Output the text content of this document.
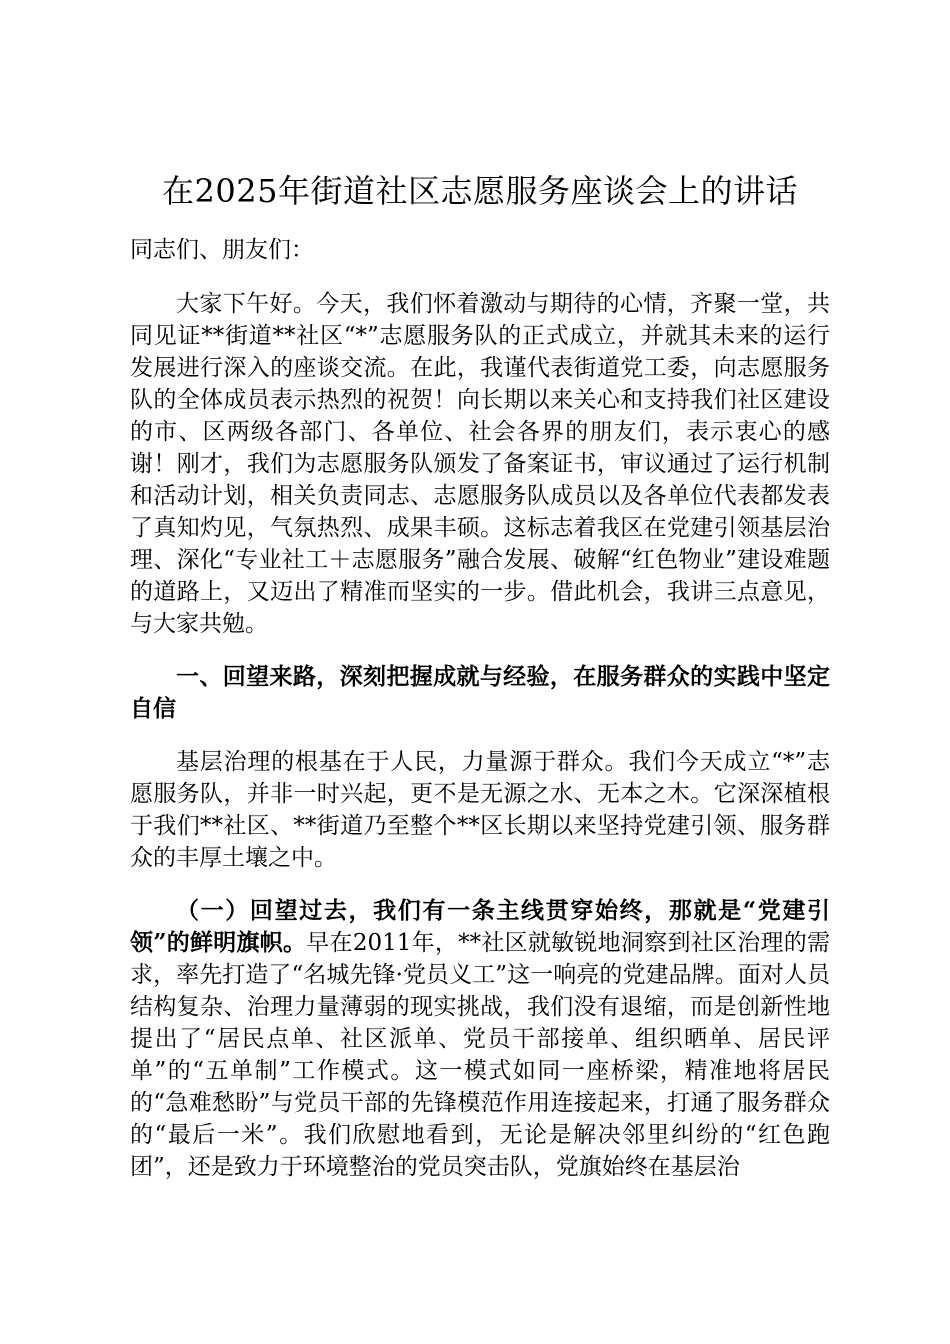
在2025年街道社区志愿服务座谈会上的讲话

同志们、朋友们：

大家下午好。今天，我们怀着激动与期待的心情，齐聚一堂，共同见证**街道**社区“*”志愿服务队的正式成立，并就其未来的运行发展进行深入的座谈交流。在此，我谨代表街道党工委，向志愿服务队的全体成员表示热烈的祝贺！向长期以来关心和支持我们社区建设的市、区两级各部门、各单位、社会各界的朋友们，表示衷心的感谢！刚才，我们为志愿服务队颁发了备案证书，审议通过了运行机制和活动计划，相关负责同志、志愿服务队成员以及各单位代表都发表了真知灼见，气氛热烈、成果丰硕。这标志着我区在党建引领基层治理、深化“专业社工＋志愿服务”融合发展、破解“红色物业”建设难题的道路上，又迈出了精准而坚实的一步。借此机会，我讲三点意见，与大家共勉。

一、回望来路，深刻把握成就与经验，在服务群众的实践中坚定自信

基层治理的根基在于人民，力量源于群众。我们今天成立“*”志愿服务队，并非一时兴起，更不是无源之水、无本之木。它深深植根于我们**社区、**街道乃至整个**区长期以来坚持党建引领、服务群众的丰厚土壤之中。

（一）回望过去，我们有一条主线贯穿始终，那就是“党建引领”的鲜明旗帜。早在2011年，**社区就敏锐地洞察到社区治理的需求，率先打造了“名城先锋·党员义工”这一响亮的党建品牌。面对人员结构复杂、治理力量薄弱的现实挑战，我们没有退缩，而是创新性地提出了“居民点单、社区派单、党员干部接单、组织晒单、居民评单”的“五单制”工作模式。这一模式如同一座桥梁，精准地将居民的“急难愁盼”与党员干部的先锋模范作用连接起来，打通了服务群众的“最后一米”。我们欣慰地看到，无论是解决邻里纠纷的“红色跑团”，还是致力于环境整治的党员突击队，党旗始终在基层治
